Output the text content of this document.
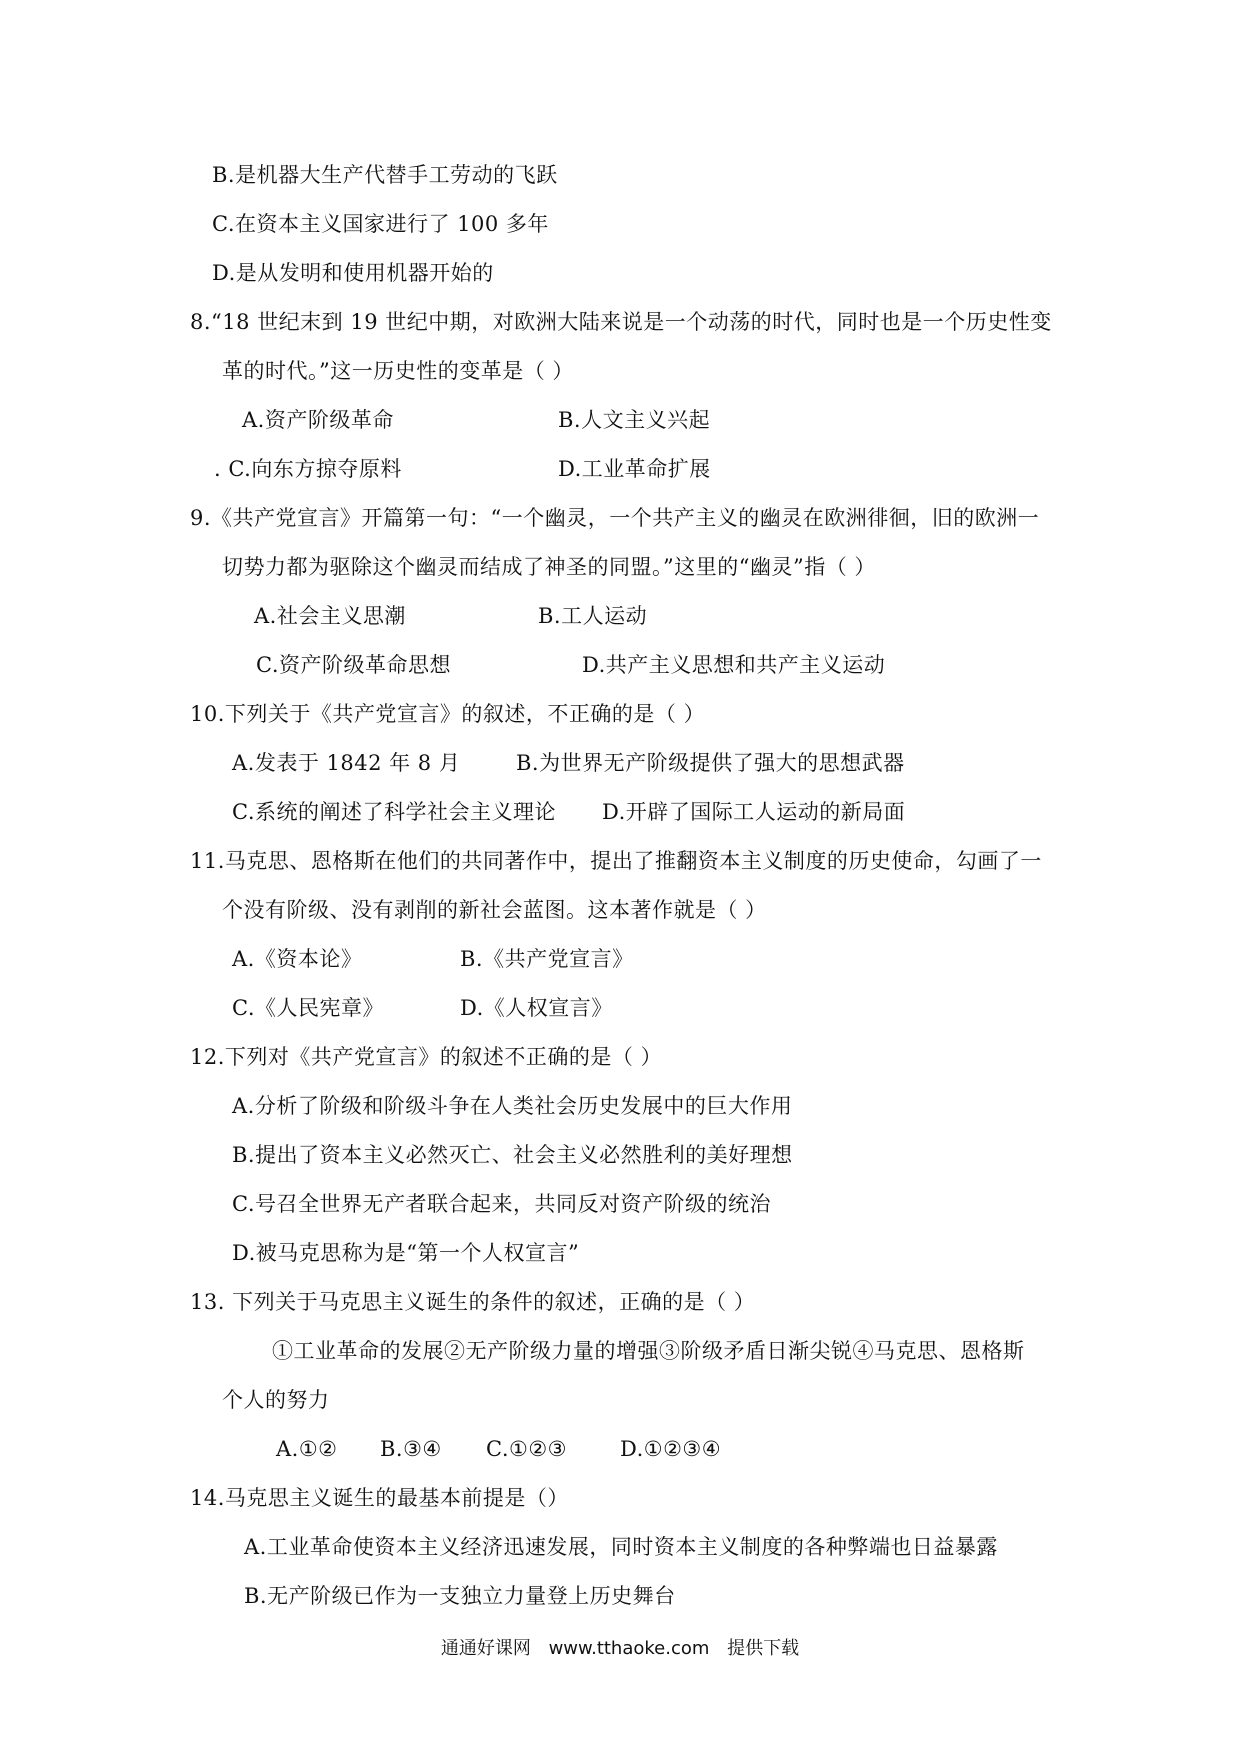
B.是机器大生产代替手工劳动的飞跃
C.在资本主义国家进行了 100 多年
D.是从发明和使用机器开始的
8.“18 世纪末到 19 世纪中期，对欧洲大陆来说是一个动荡的时代，同时也是一个历史性变
革的时代。”这一历史性的变革是（ ）
A.资产阶级革命	B.人文主义兴起
. C.向东方掠夺原料	D.工业革命扩展
9.《共产党宣言》开篇第一句：“一个幽灵，一个共产主义的幽灵在欧洲徘徊，旧的欧洲一
切势力都为驱除这个幽灵而结成了神圣的同盟。”这里的“幽灵”指（ ）
A.社会主义思潮	B.工人运动
C.资产阶级革命思想	D.共产主义思想和共产主义运动
10.下列关于《共产党宣言》的叙述，不正确的是（ ）
A.发表于 1842 年 8 月	B.为世界无产阶级提供了强大的思想武器
C.系统的阐述了科学社会主义理论 D.开辟了国际工人运动的新局面
11.马克思、恩格斯在他们的共同著作中，提出了推翻资本主义制度的历史使命，勾画了一
个没有阶级、没有剥削的新社会蓝图。这本著作就是（ ）
A.《资本论》	B.《共产党宣言》
C.《人民宪章》	D.《人权宣言》
12.下列对《共产党宣言》的叙述不正确的是（ ）
A.分析了阶级和阶级斗争在人类社会历史发展中的巨大作用
B.提出了资本主义必然灭亡、社会主义必然胜利的美好理想
C.号召全世界无产者联合起来，共同反对资产阶级的统治
D.被马克思称为是“第一个人权宣言”
13. 下列关于马克思主义诞生的条件的叙述，正确的是（ ）
①工业革命的发展②无产阶级力量的增强③阶级矛盾日渐尖锐④马克思、恩格斯
个人的努力
A.①② B.③④ C.①②③	D.①②③④
14.马克思主义诞生的最基本前提是（）
A.工业革命使资本主义经济迅速发展，同时资本主义制度的各种弊端也日益暴露
B.无产阶级已作为一支独立力量登上历史舞台
通通好课网 www.tthaoke.com 提供下载
